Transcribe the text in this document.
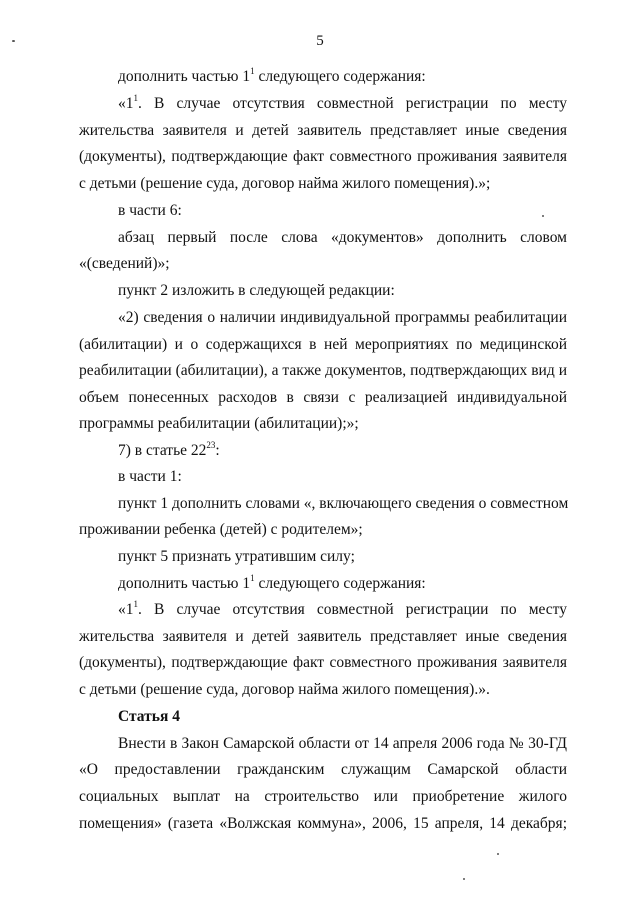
5
дополнить частью $1^1$ следующего содержания:
«$1^1$. В случае отсутствия совместной регистрации по месту
жительства заявителя и детей заявитель представляет иные сведения
(документы), подтверждающие факт совместного проживания заявителя
с детьми (решение суда, договор найма жилого помещения).»;
в части 6:
абзац первый после слова «документов» дополнить словом
«(сведений)»;
пункт 2 изложить в следующей редакции:
«2) сведения о наличии индивидуальной программы реабилитации
(абилитации) и о содержащихся в ней мероприятиях по медицинской
реабилитации (абилитации), а также документов, подтверждающих вид и
объем понесенных расходов в связи с реализацией индивидуальной
программы реабилитации (абилитации);»;
7) в статье $22^{23}$:
в части 1:
пункт 1 дополнить словами «, включающего сведения о совместном
проживании ребенка (детей) с родителем»;
пункт 5 признать утратившим силу;
дополнить частью $1^1$ следующего содержания:
«$1^1$. В случае отсутствия совместной регистрации по месту
жительства заявителя и детей заявитель представляет иные сведения
(документы), подтверждающие факт совместного проживания заявителя
с детьми (решение суда, договор найма жилого помещения).».
Статья 4
Внести в Закон Самарской области от 14 апреля 2006 года № 30-ГД
«О предоставлении гражданским служащим Самарской области
социальных выплат на строительство или приобретение жилого
помещения» (газета «Волжская коммуна», 2006, 15 апреля, 14 декабря;
